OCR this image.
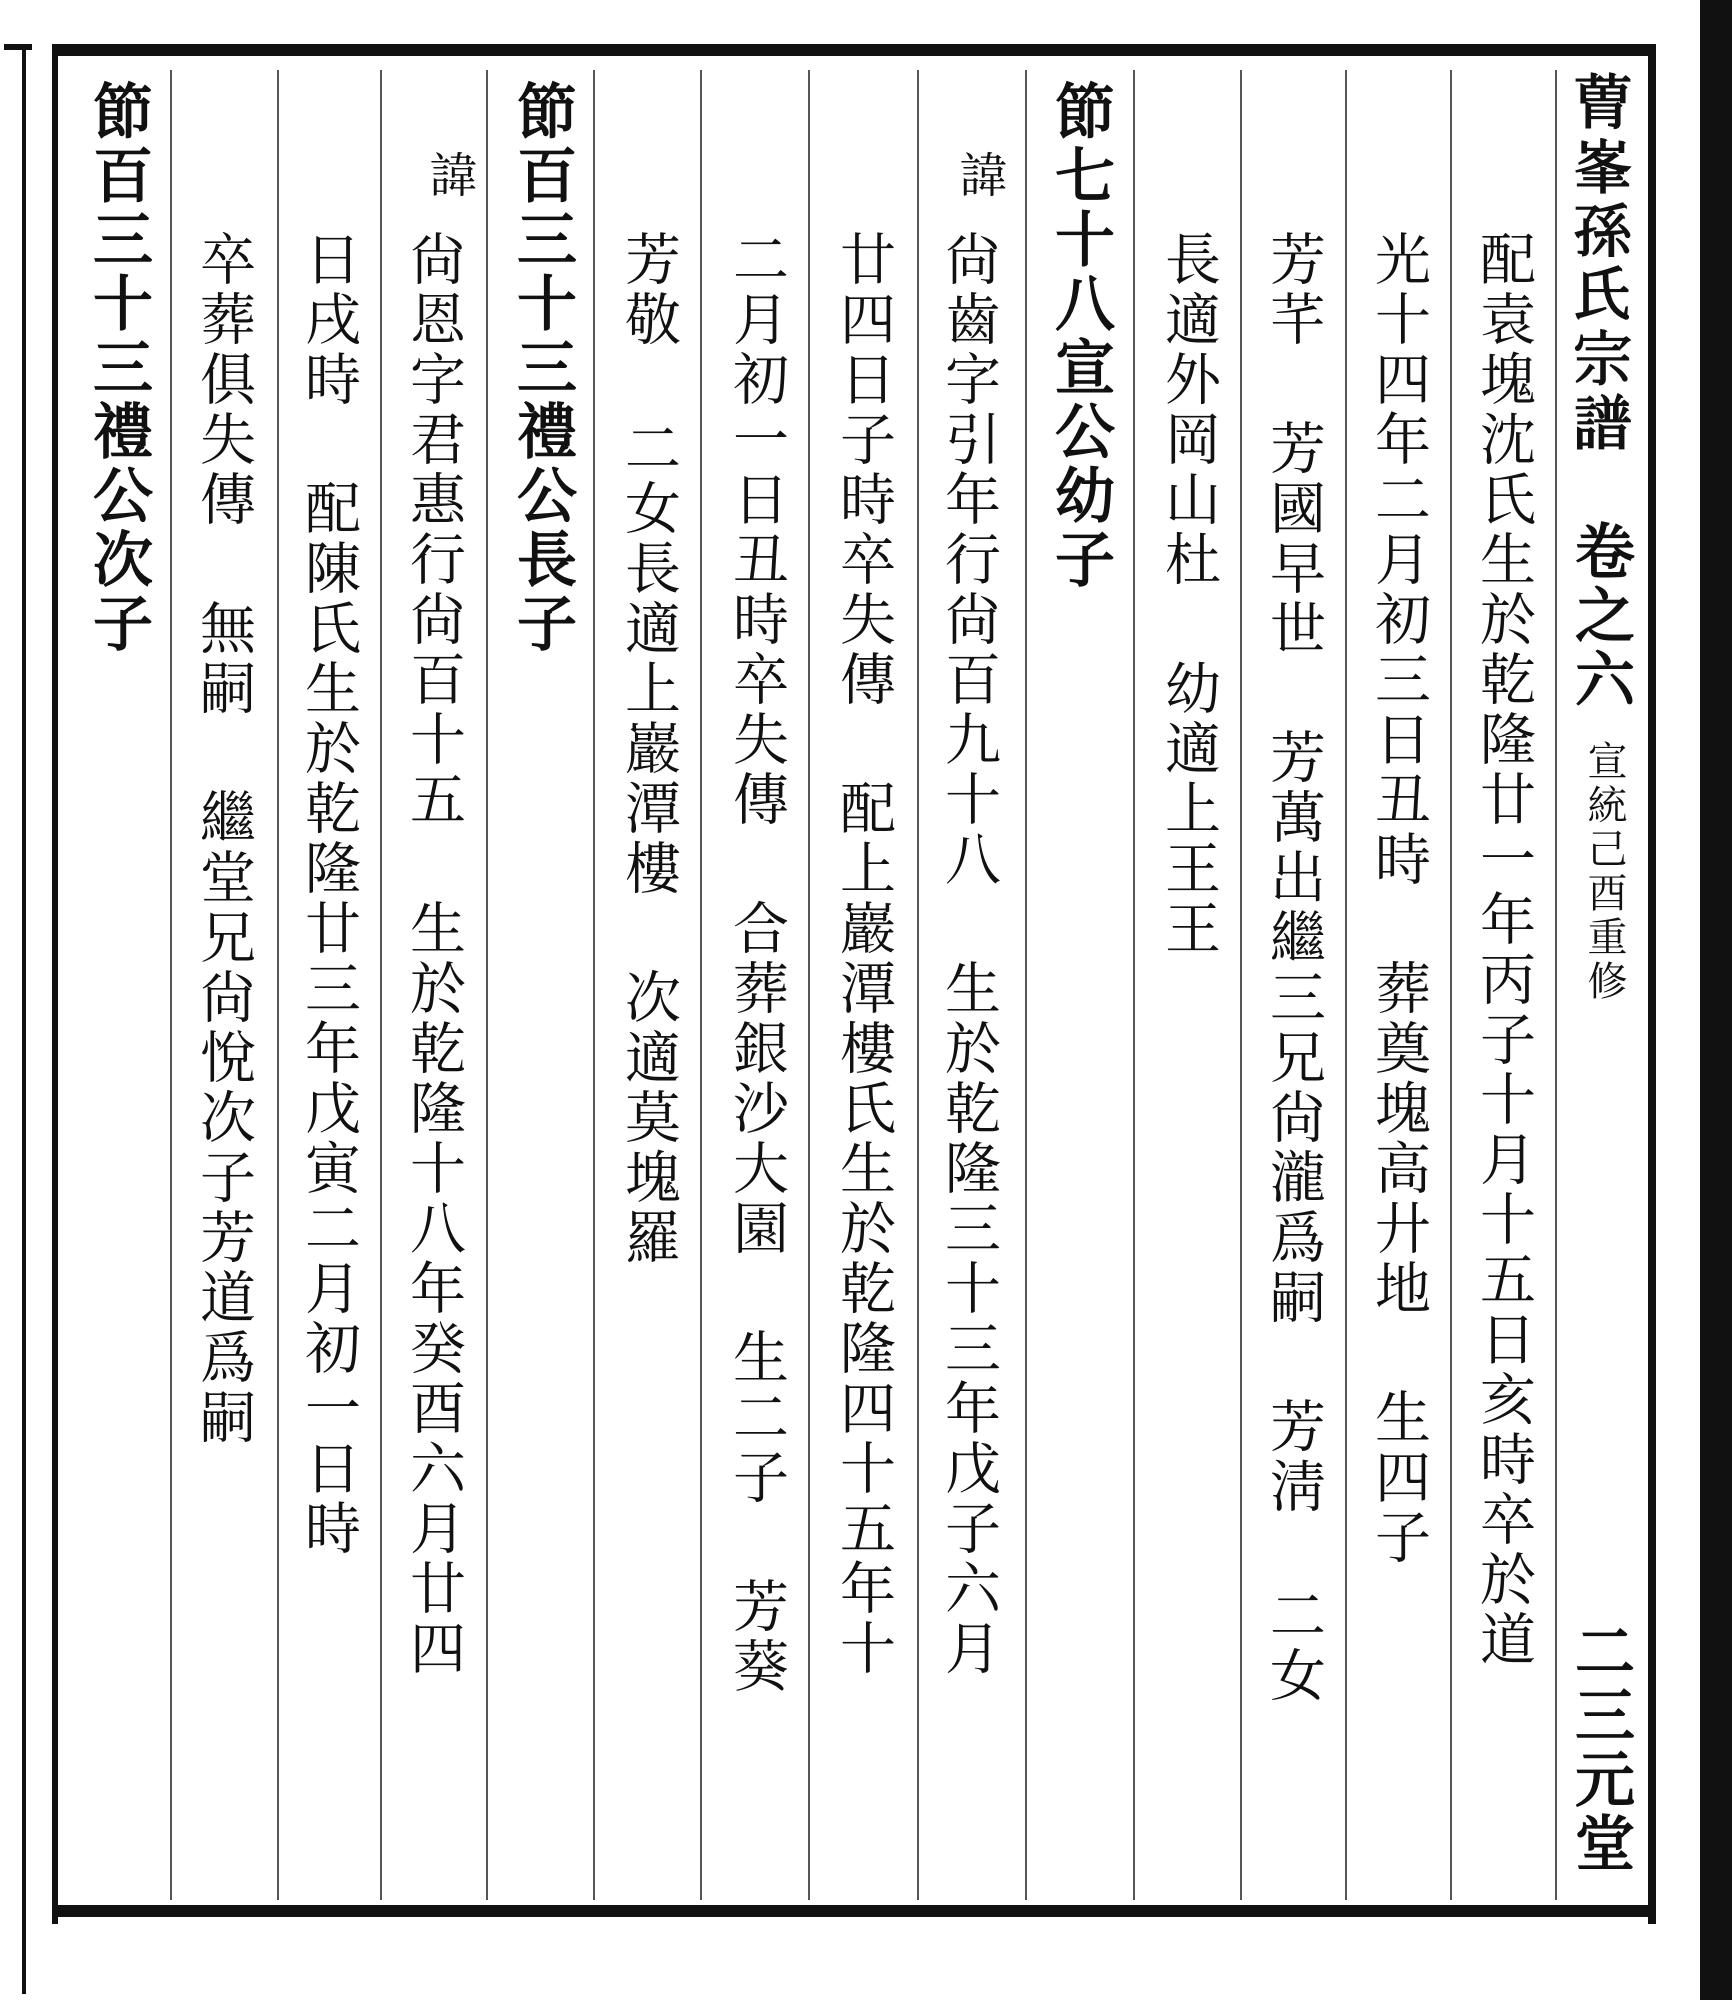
𦳢峯孫氏宗譜
卷之六
宣統己酉重修
二三元堂
配袁塊沈氏生於乾隆廿一年丙子十月十五日亥時卒於道
光十四年二月初三日丑時 葬奠塊高廾地 生四子
芳芊 芳國早世 芳萬出繼三兄尙瀧爲嗣 芳淸 二女
長適外岡山杜 幼適上王王
節七十八宣公幼子
諱
尙齒字引年行尙百九十八 生於乾隆三十三年戊子六月
廿四日子時卒失傳 配上巖潭樓氏生於乾隆四十五年十
二月初一日丑時卒失傳 合葬銀沙大園 生二子 芳葵
芳敬 二女長適上巖潭樓 次適莫塊羅
節百三十三禮公長子
諱
尙恩字君惠行尙百十五 生於乾隆十八年癸酉六月廿四
日戌時 配陳氏生於乾隆廿三年戊寅二月初一日時
卒葬俱失傳 無嗣 繼堂兄尙悅次子芳道爲嗣
節百三十三禮公次子
